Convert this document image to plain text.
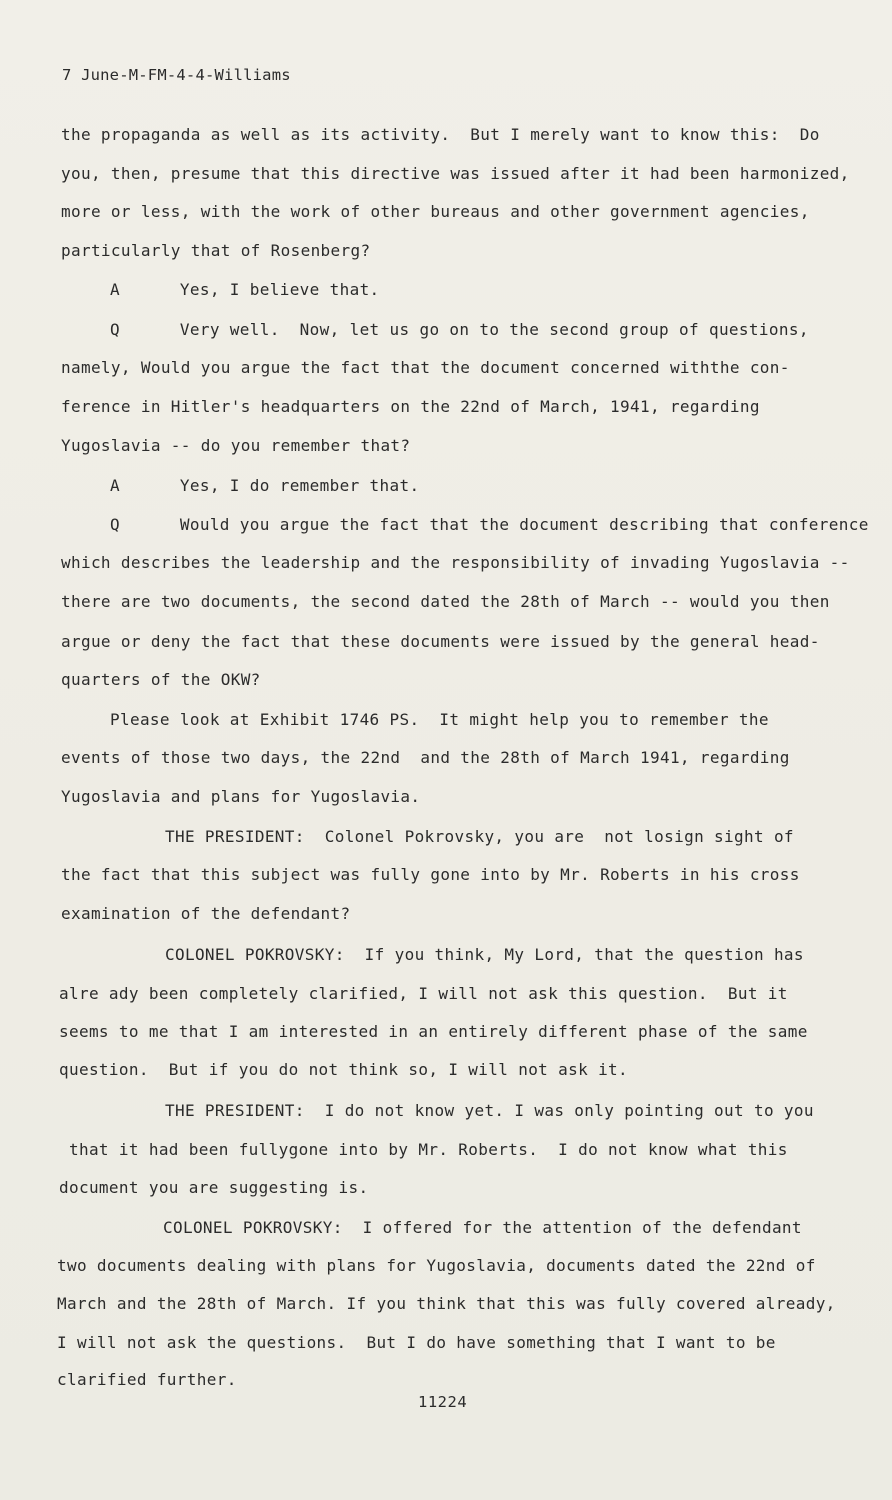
7 June-M-FM-4-4-Williams
the propaganda as well as its activity.  But I merely want to know this:  Do
you, then, presume that this directive was issued after it had been harmonized,
more or less, with the work of other bureaus and other government agencies,
particularly that of Rosenberg?
A      Yes, I believe that.
Q      Very well.  Now, let us go on to the second group of questions,
namely, Would you argue the fact that the document concerned withthe con-
ference in Hitler's headquarters on the 22nd of March, 1941, regarding
Yugoslavia -- do you remember that?
A      Yes, I do remember that.
Q      Would you argue the fact that the document describing that conference
which describes the leadership and the responsibility of invading Yugoslavia --
there are two documents, the second dated the 28th of March -- would you then
argue or deny the fact that these documents were issued by the general head-
quarters of the OKW?
Please look at Exhibit 1746 PS.  It might help you to remember the
events of those two days, the 22nd  and the 28th of March 1941, regarding
Yugoslavia and plans for Yugoslavia.
THE PRESIDENT:  Colonel Pokrovsky, you are  not losign sight of
the fact that this subject was fully gone into by Mr. Roberts in his cross
examination of the defendant?
COLONEL POKROVSKY:  If you think, My Lord, that the question has
alre ady been completely clarified, I will not ask this question.  But it
seems to me that I am interested in an entirely different phase of the same
question.  But if you do not think so, I will not ask it.
THE PRESIDENT:  I do not know yet. I was only pointing out to you
that it had been fullygone into by Mr. Roberts.  I do not know what this
document you are suggesting is.
COLONEL POKROVSKY:  I offered for the attention of the defendant
two documents dealing with plans for Yugoslavia, documents dated the 22nd of
March and the 28th of March. If you think that this was fully covered already,
I will not ask the questions.  But I do have something that I want to be
clarified further.
11224
